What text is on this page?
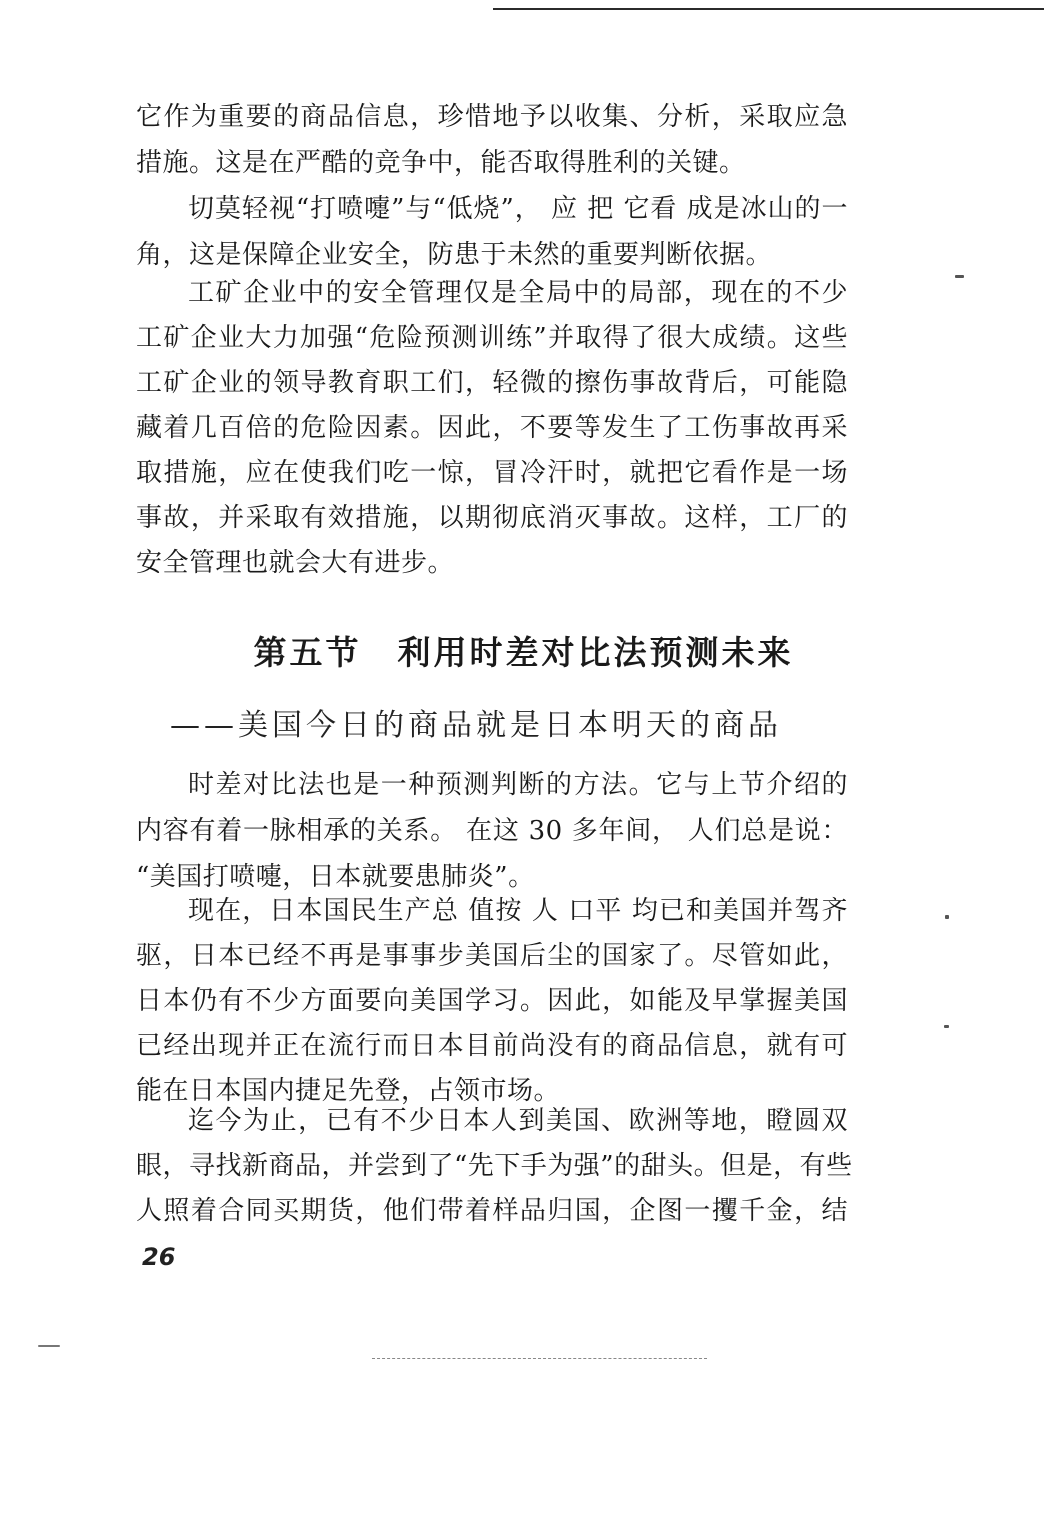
它作为重要的商品信息，珍惜地予以收集、分析，采取应急
措施。这是在严酷的竞争中，能否取得胜利的关键。
切莫轻视“打喷嚏”与“低烧”， 应 把 它看 成是冰山的一
角，这是保障企业安全，防患于未然的重要判断依据。
工矿企业中的安全管理仅是全局中的局部，现在的不少
工矿企业大力加强“危险预测训练”并取得了很大成绩。这些
工矿企业的领导教育职工们，轻微的擦伤事故背后，可能隐
藏着几百倍的危险因素。因此，不要等发生了工伤事故再采
取措施，应在使我们吃一惊，冒冷汗时，就把它看作是一场
事故，并采取有效措施，以期彻底消灭事故。这样，工厂的
安全管理也就会大有进步。
第五节　利用时差对比法预测未来
——美国今日的商品就是日本明天的商品
时差对比法也是一种预测判断的方法。它与上节介绍的
内容有着一脉相承的关系。 在这 30 多年间， 人们总是说：
“美国打喷嚏，日本就要患肺炎”。
现在，日本国民生产总 值按 人 口平 均已和美国并驾齐
驱，日本已经不再是事事步美国后尘的国家了。尽管如此，
日本仍有不少方面要向美国学习。因此，如能及早掌握美国
已经出现并正在流行而日本目前尚没有的商品信息，就有可
能在日本国内捷足先登，占领市场。
迄今为止，已有不少日本人到美国、欧洲等地，瞪圆双
眼，寻找新商品，并尝到了“先下手为强”的甜头。但是，有些
人照着合同买期货，他们带着样品归国，企图一攫千金，结
26
